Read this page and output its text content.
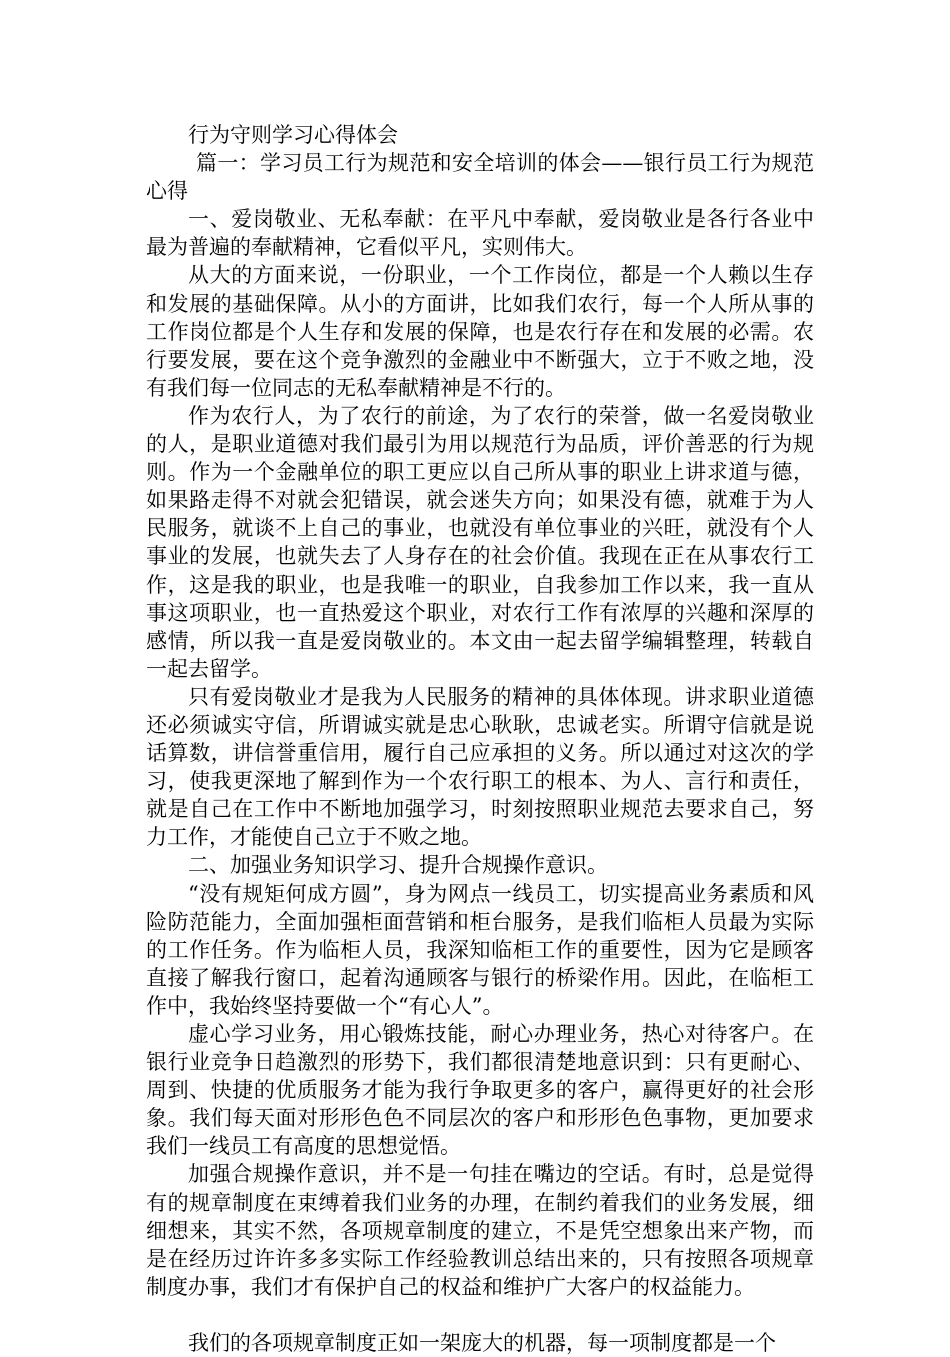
行为守则学习心得体会

篇一：学习员工行为规范和安全培训的体会——银行员工行为规范心得

一、爱岗敬业、无私奉献：在平凡中奉献，爱岗敬业是各行各业中最为普遍的奉献精神，它看似平凡，实则伟大。

从大的方面来说，一份职业，一个工作岗位，都是一个人赖以生存和发展的基础保障。从小的方面讲，比如我们农行，每一个人所从事的工作岗位都是个人生存和发展的保障，也是农行存在和发展的必需。农行要发展，要在这个竞争激烈的金融业中不断强大，立于不败之地，没有我们每一位同志的无私奉献精神是不行的。

作为农行人，为了农行的前途，为了农行的荣誉，做一名爱岗敬业的人，是职业道德对我们最引为用以规范行为品质，评价善恶的行为规则。作为一个金融单位的职工更应以自己所从事的职业上讲求道与德，如果路走得不对就会犯错误，就会迷失方向；如果没有德，就难于为人民服务，就谈不上自己的事业，也就没有单位事业的兴旺，就没有个人事业的发展，也就失去了人身存在的社会价值。我现在正在从事农行工作，这是我的职业，也是我唯一的职业，自我参加工作以来，我一直从事这项职业，也一直热爱这个职业，对农行工作有浓厚的兴趣和深厚的感情，所以我一直是爱岗敬业的。本文由一起去留学编辑整理，转载自一起去留学。

只有爱岗敬业才是我为人民服务的精神的具体体现。讲求职业道德还必须诚实守信，所谓诚实就是忠心耿耿，忠诚老实。所谓守信就是说话算数，讲信誉重信用，履行自己应承担的义务。所以通过对这次的学习，使我更深地了解到作为一个农行职工的根本、为人、言行和责任，就是自己在工作中不断地加强学习，时刻按照职业规范去要求自己，努力工作，才能使自己立于不败之地。

二、加强业务知识学习、提升合规操作意识。

“没有规矩何成方圆”，身为网点一线员工，切实提高业务素质和风险防范能力，全面加强柜面营销和柜台服务，是我们临柜人员最为实际的工作任务。作为临柜人员，我深知临柜工作的重要性，因为它是顾客直接了解我行窗口，起着沟通顾客与银行的桥梁作用。因此，在临柜工作中，我始终坚持要做一个“有心人”。

虚心学习业务，用心锻炼技能，耐心办理业务，热心对待客户。在银行业竞争日趋激烈的形势下，我们都很清楚地意识到：只有更耐心、周到、快捷的优质服务才能为我行争取更多的客户，赢得更好的社会形象。我们每天面对形形色色不同层次的客户和形形色色事物，更加要求我们一线员工有高度的思想觉悟。

加强合规操作意识，并不是一句挂在嘴边的空话。有时，总是觉得有的规章制度在束缚着我们业务的办理，在制约着我们的业务发展，细细想来，其实不然，各项规章制度的建立，不是凭空想象出来产物，而是在经历过许许多多实际工作经验教训总结出来的，只有按照各项规章制度办事，我们才有保护自己的权益和维护广大客户的权益能力。

我们的各项规章制度正如一架庞大的机器，每一项制度都是一个
